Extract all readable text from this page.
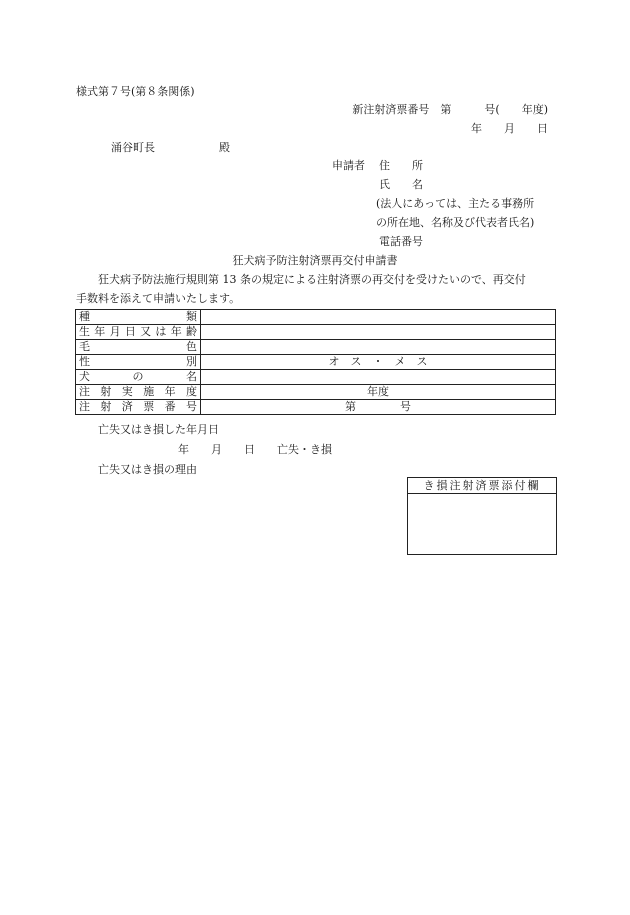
様式第７号(第８条関係)
新注射済票番号　第　　　号(　　年度)
年　　月　　日
涌谷町長	殿
申請者 住　　所
氏　　名
(法人にあっては、主たる事務所
の所在地、名称及び代表者氏名)
電話番号
狂犬病予防注射済票再交付申請書
狂犬病予防法施行規則第 13 条の規定による注射済票の再交付を受けたいので、再交付
手数料を添えて申請いたします。
種類	
生年月日又は年齢	
毛色	
性別	オ　ス　・　メ　ス
犬の名	
注射実施年度	年度
注射済票番号	第　　　　号
亡失又はき損した年月日
年　　月　　日　　亡失・き損
亡失又はき損の理由
き損注射済票添付欄
